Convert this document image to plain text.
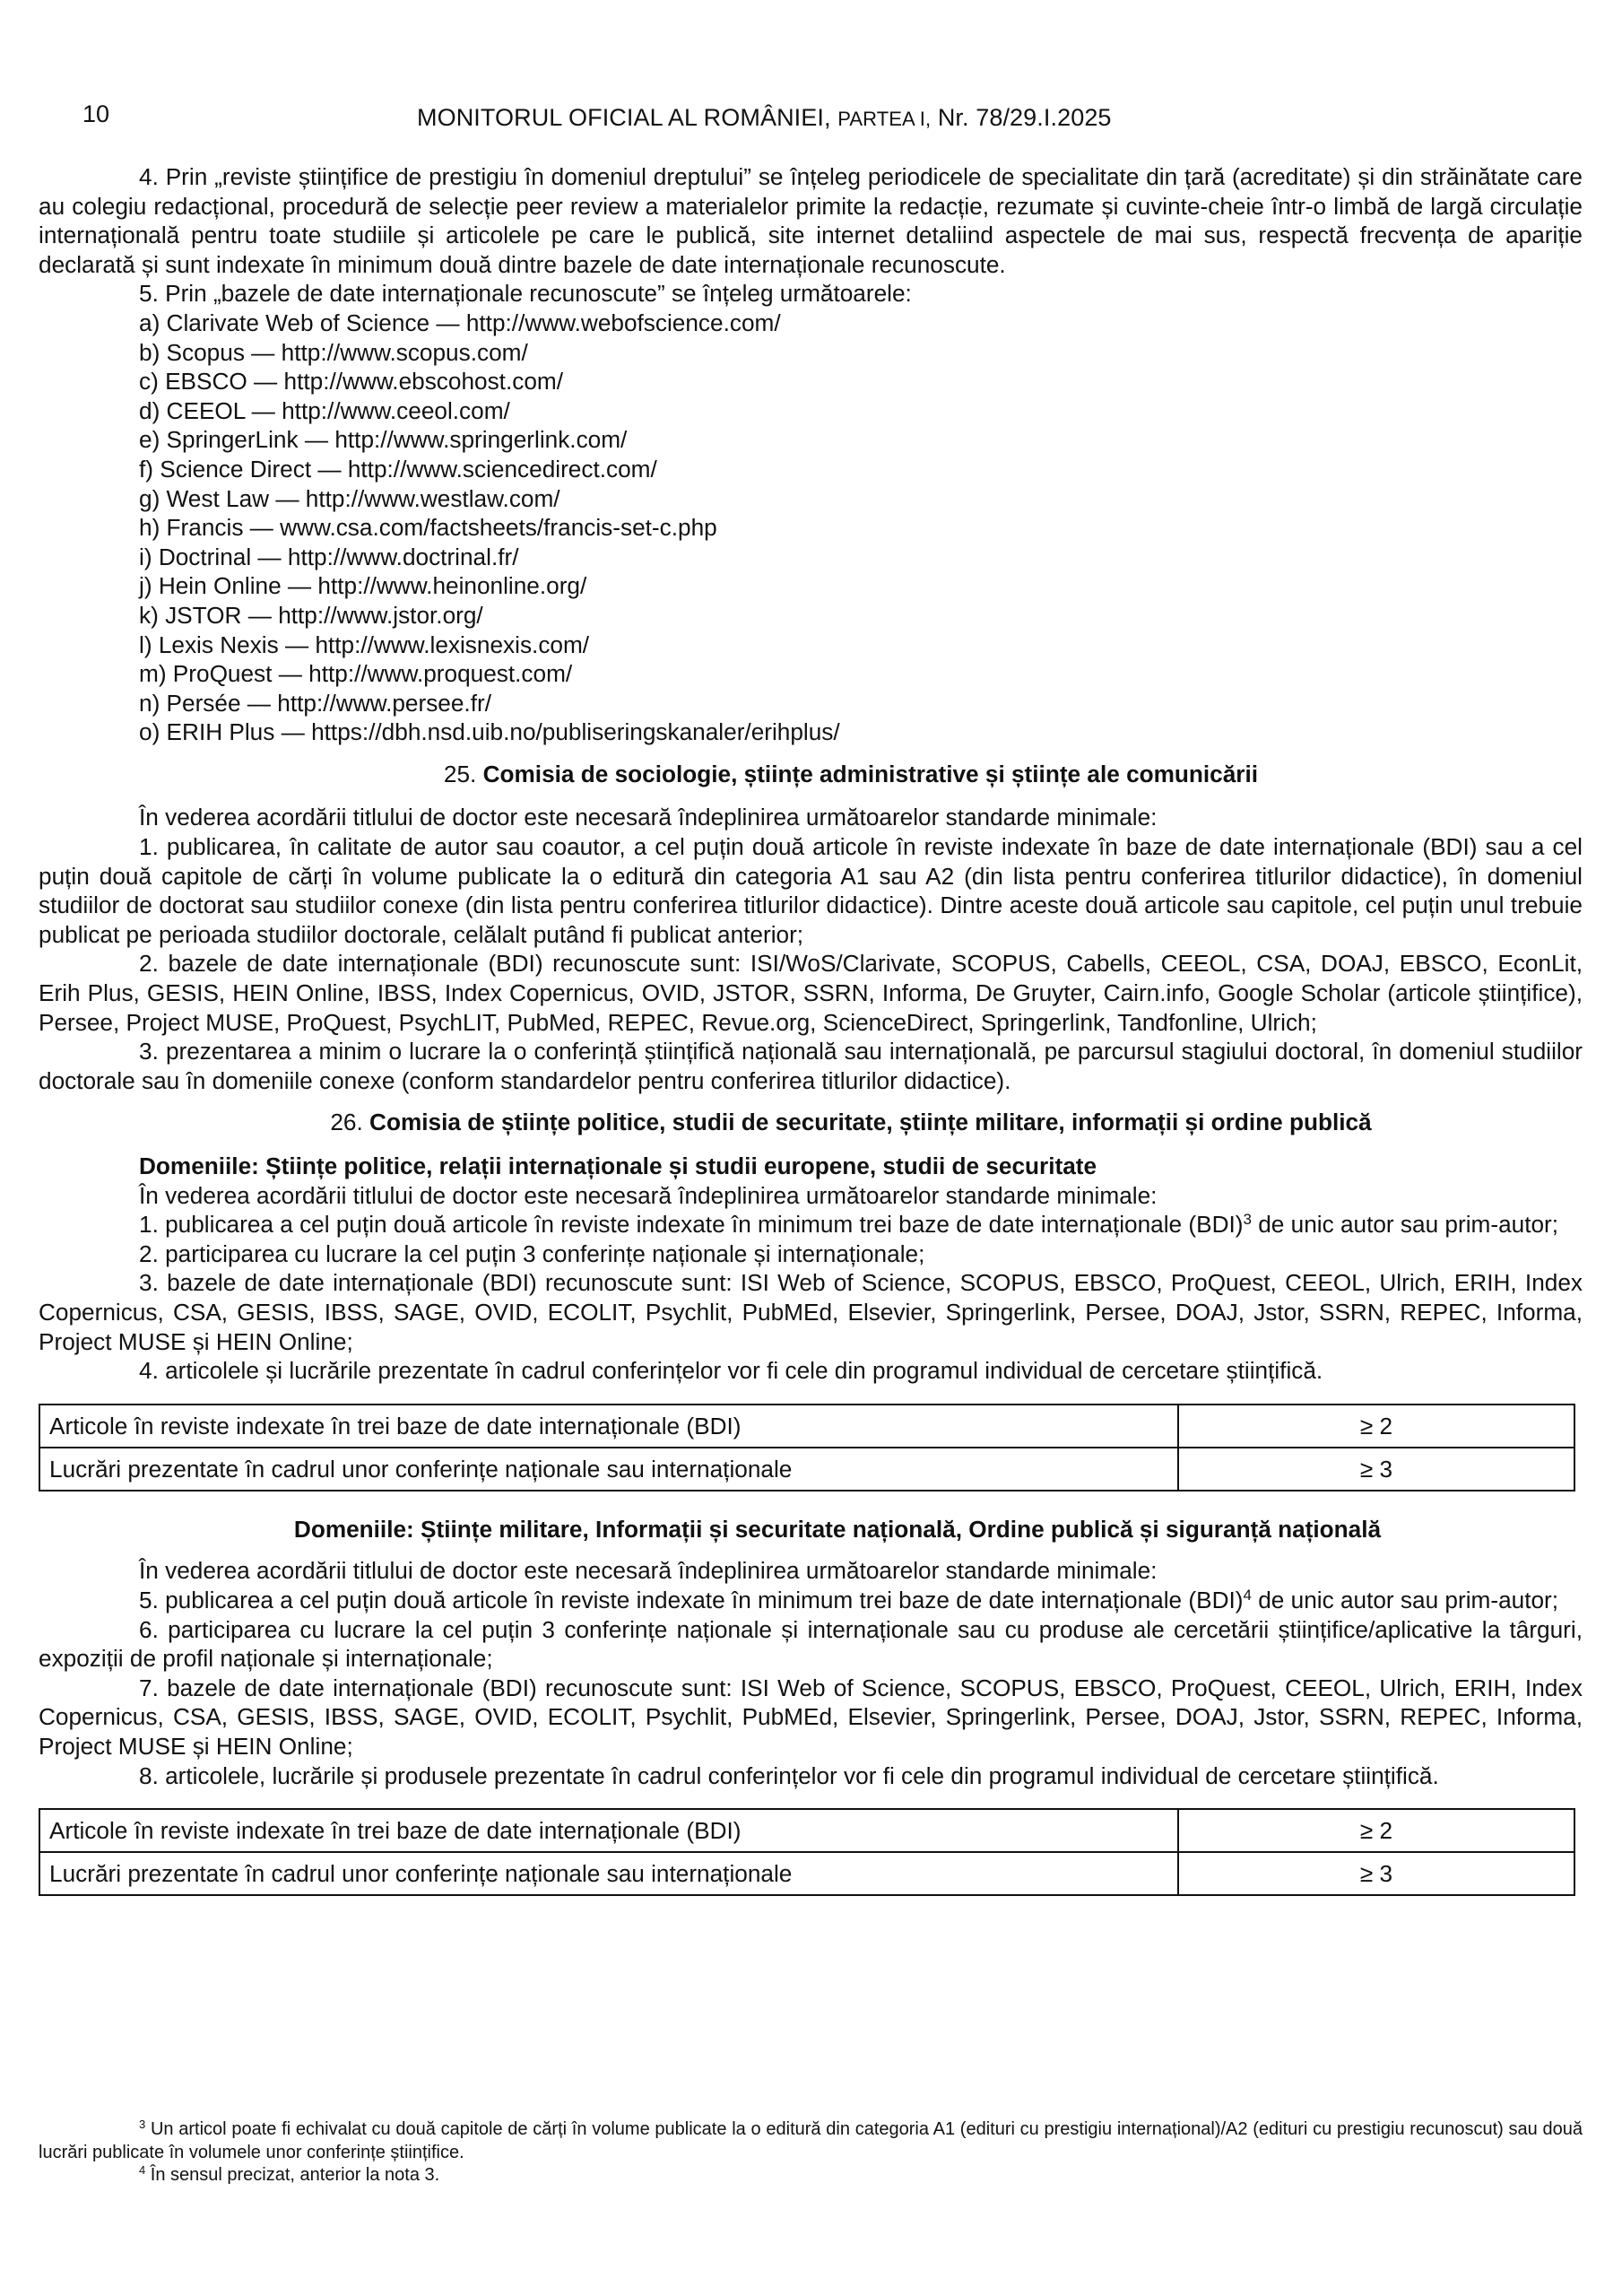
10	MONITORUL OFICIAL AL ROMÂNIEI, PARTEA I, Nr. 78/29.I.2025

4. Prin „reviste științifice de prestigiu în domeniul dreptului” se înțeleg periodicele de specialitate din țară (acreditate) și din străinătate care au colegiu redacțional, procedură de selecție peer review a materialelor primite la redacție, rezumate și cuvinte-cheie într-o limbă de largă circulație internațională pentru toate studiile și articolele pe care le publică, site internet detaliind aspectele de mai sus, respectă frecvența de apariție declarată și sunt indexate în minimum două dintre bazele de date internaționale recunoscute.

5. Prin „bazele de date internaționale recunoscute” se înțeleg următoarele:

a) Clarivate Web of Science — http://www.webofscience.com/
b) Scopus — http://www.scopus.com/
c) EBSCO — http://www.ebscohost.com/
d) CEEOL — http://www.ceeol.com/
e) SpringerLink — http://www.springerlink.com/
f) Science Direct — http://www.sciencedirect.com/
g) West Law — http://www.westlaw.com/
h) Francis — www.csa.com/factsheets/francis-set-c.php
i) Doctrinal — http://www.doctrinal.fr/
j) Hein Online — http://www.heinonline.org/
k) JSTOR — http://www.jstor.org/
l) Lexis Nexis — http://www.lexisnexis.com/
m) ProQuest — http://www.proquest.com/
n) Persée — http://www.persee.fr/
o) ERIH Plus — https://dbh.nsd.uib.no/publiseringskanaler/erihplus/
25. Comisia de sociologie, științe administrative și științe ale comunicării

În vederea acordării titlului de doctor este necesară îndeplinirea următoarelor standarde minimale:

1. publicarea, în calitate de autor sau coautor, a cel puțin două articole în reviste indexate în baze de date internaționale (BDI) sau a cel puțin două capitole de cărți în volume publicate la o editură din categoria A1 sau A2 (din lista pentru conferirea titlurilor didactice), în domeniul studiilor de doctorat sau studiilor conexe (din lista pentru conferirea titlurilor didactice). Dintre aceste două articole sau capitole, cel puțin unul trebuie publicat pe perioada studiilor doctorale, celălalt putând fi publicat anterior;

2. bazele de date internaționale (BDI) recunoscute sunt: ISI/WoS/Clarivate, SCOPUS, Cabells, CEEOL, CSA, DOAJ, EBSCO, EconLit, Erih Plus, GESIS, HEIN Online, IBSS, Index Copernicus, OVID, JSTOR, SSRN, Informa, De Gruyter, Cairn.info, Google Scholar (articole științifice), Persee, Project MUSE, ProQuest, PsychLIT, PubMed, REPEC, Revue.org, ScienceDirect, Springerlink, Tandfonline, Ulrich;

3. prezentarea a minim o lucrare la o conferință științifică națională sau internațională, pe parcursul stagiului doctoral, în domeniul studiilor doctorale sau în domeniile conexe (conform standardelor pentru conferirea titlurilor didactice).

26. Comisia de științe politice, studii de securitate, științe militare, informații și ordine publică
Domeniile: Științe politice, relații internaționale și studii europene, studii de securitate

În vederea acordării titlului de doctor este necesară îndeplinirea următoarelor standarde minimale:

1. publicarea a cel puțin două articole în reviste indexate în minimum trei baze de date internaționale (BDI)$^3$ de unic autor sau prim-autor;

2. participarea cu lucrare la cel puțin 3 conferințe naționale și internaționale;

3. bazele de date internaționale (BDI) recunoscute sunt: ISI Web of Science, SCOPUS, EBSCO, ProQuest, CEEOL, Ulrich, ERIH, Index Copernicus, CSA, GESIS, IBSS, SAGE, OVID, ECOLIT, Psychlit, PubMEd, Elsevier, Springerlink, Persee, DOAJ, Jstor, SSRN, REPEC, Informa, Project MUSE și HEIN Online;

4. articolele și lucrările prezentate în cadrul conferințelor vor fi cele din programul individual de cercetare științifică.

Articole în reviste indexate în trei baze de date internaționale (BDI)	≥ 2
Lucrări prezentate în cadrul unor conferințe naționale sau internaționale	≥ 3
Domeniile: Științe militare, Informații și securitate națională, Ordine publică și siguranță națională

În vederea acordării titlului de doctor este necesară îndeplinirea următoarelor standarde minimale:

5. publicarea a cel puțin două articole în reviste indexate în minimum trei baze de date internaționale (BDI)$^4$ de unic autor sau prim-autor;

6. participarea cu lucrare la cel puțin 3 conferințe naționale și internaționale sau cu produse ale cercetării științifice/aplicative la târguri, expoziții de profil naționale și internaționale;

7. bazele de date internaționale (BDI) recunoscute sunt: ISI Web of Science, SCOPUS, EBSCO, ProQuest, CEEOL, Ulrich, ERIH, Index Copernicus, CSA, GESIS, IBSS, SAGE, OVID, ECOLIT, Psychlit, PubMEd, Elsevier, Springerlink, Persee, DOAJ, Jstor, SSRN, REPEC, Informa, Project MUSE și HEIN Online;

8. articolele, lucrările și produsele prezentate în cadrul conferințelor vor fi cele din programul individual de cercetare științifică.

Articole în reviste indexate în trei baze de date internaționale (BDI)	≥ 2
Lucrări prezentate în cadrul unor conferințe naționale sau internaționale	≥ 3

$^3$ Un articol poate fi echivalat cu două capitole de cărți în volume publicate la o editură din categoria A1 (edituri cu prestigiu internațional)/A2 (edituri cu prestigiu recunoscut) sau două lucrări publicate în volumele unor conferințe științifice.

$^4$ În sensul precizat, anterior la nota 3.
